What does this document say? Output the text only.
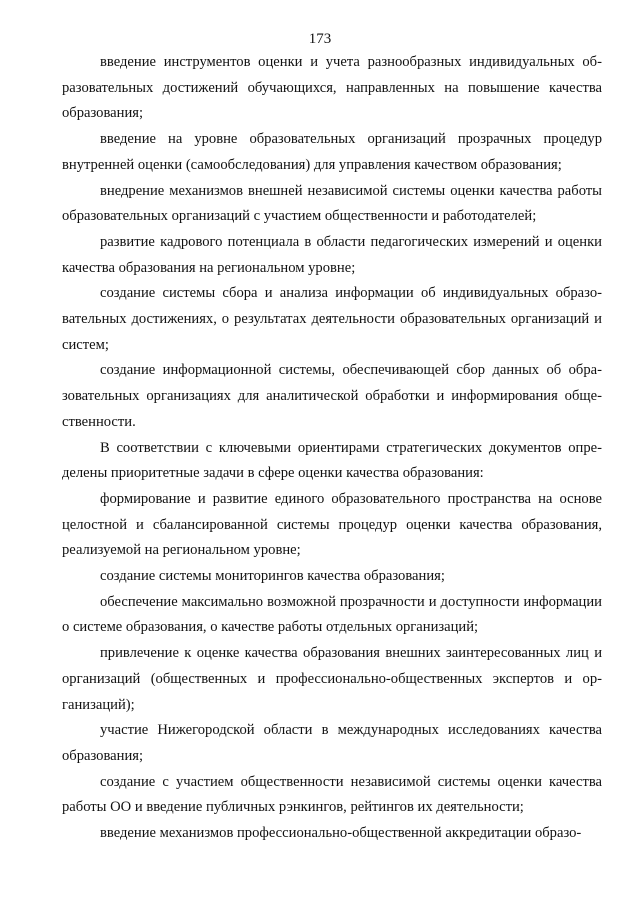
173

введение инструментов оценки и учета разнообразных индивидуальных образовательных достижений обучающихся, направленных на повышение качества образования;

введение на уровне образовательных организаций прозрачных процедур внутренней оценки (самообследования) для управления качеством образования;

внедрение механизмов внешней независимой системы оценки качества работы образовательных организаций с участием общественности и работодателей;

развитие кадрового потенциала в области педагогических измерений и оценки качества образования на региональном уровне;

создание системы сбора и анализа информации об индивидуальных образовательных достижениях, о результатах деятельности образовательных организаций и систем;

создание информационной системы, обеспечивающей сбор данных об образовательных организациях для аналитической обработки и информирования общественности.

В соответствии с ключевыми ориентирами стратегических документов определены приоритетные задачи в сфере оценки качества образования:

формирование и развитие единого образовательного пространства на основе целостной и сбалансированной системы процедур оценки качества образования, реализуемой на региональном уровне;

создание системы мониторингов качества образования;

обеспечение максимально возможной прозрачности и доступности информации о системе образования, о качестве работы отдельных организаций;

привлечение к оценке качества образования внешних заинтересованных лиц и организаций (общественных и профессионально-общественных экспертов и организаций);

участие Нижегородской области в международных исследованиях качества образования;

создание с участием общественности независимой системы оценки качества работы ОО и введение публичных рэнкингов, рейтингов их деятельности;

введение механизмов профессионально-общественной аккредитации образо-
